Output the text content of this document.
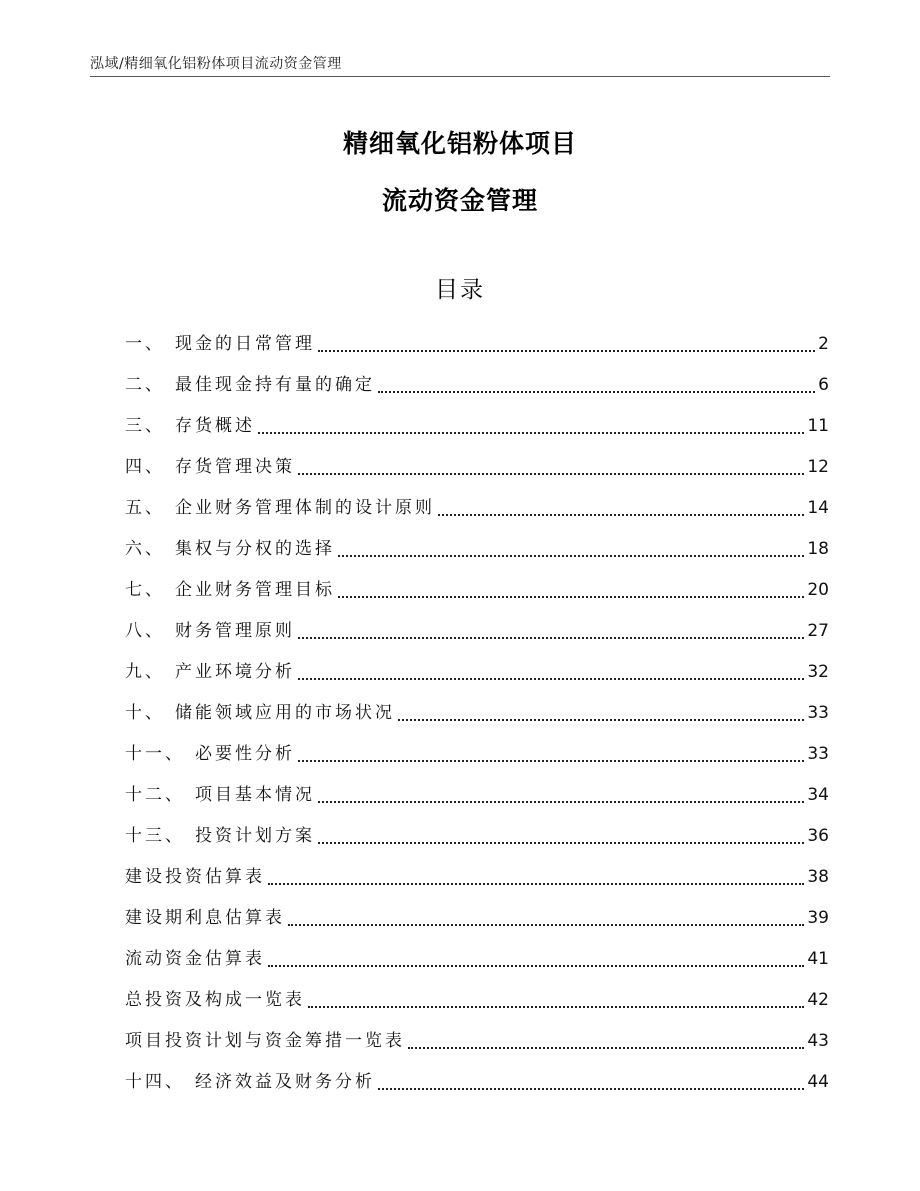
泓域/精细氧化铝粉体项目流动资金管理
精细氧化铝粉体项目
流动资金管理
目录
一、 现金的日常管理	2
二、 最佳现金持有量的确定	6
三、 存货概述	11
四、 存货管理决策	12
五、 企业财务管理体制的设计原则	14
六、 集权与分权的选择	18
七、 企业财务管理目标	20
八、 财务管理原则	27
九、 产业环境分析	32
十、 储能领域应用的市场状况	33
十一、 必要性分析	33
十二、 项目基本情况	34
十三、 投资计划方案	36
建设投资估算表	38
建设期利息估算表	39
流动资金估算表	41
总投资及构成一览表	42
项目投资计划与资金筹措一览表	43
十四、 经济效益及财务分析	44
